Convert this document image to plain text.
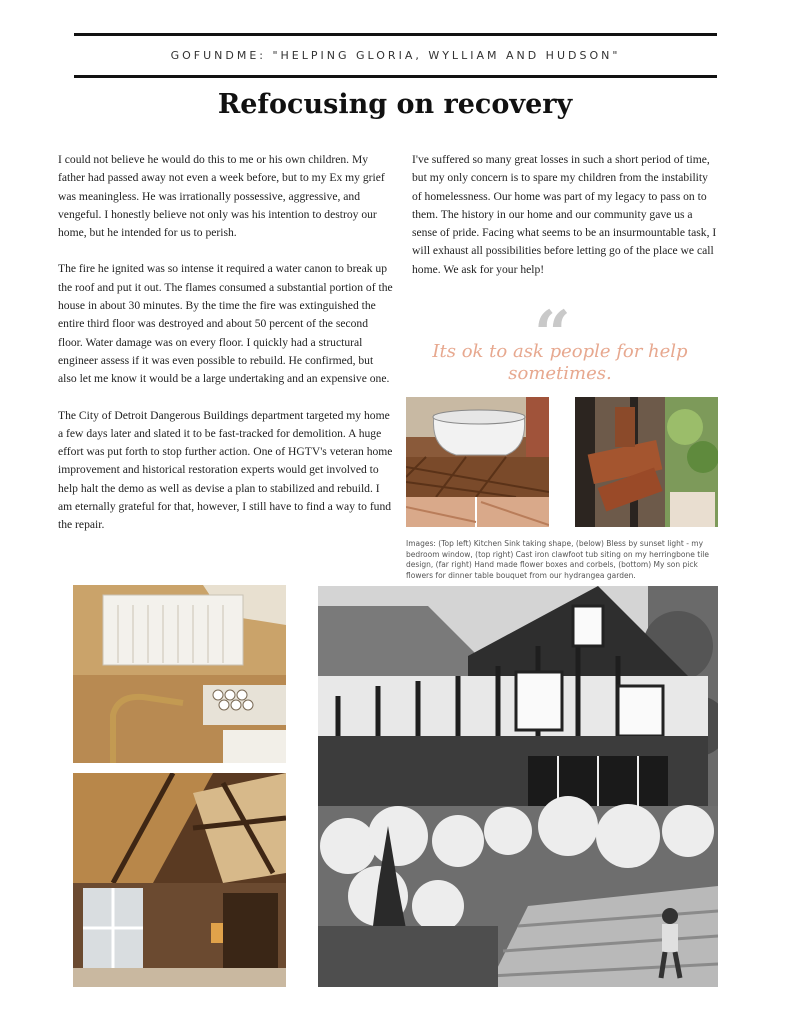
GOFUNDME: "HELPING GLORIA, WYLLIAM AND HUDSON"
Refocusing on recovery

I could not believe he would do this to me or his own children. My father had passed away not even a week before, but to my Ex my grief was meaningless. He was irrationally possessive, aggressive, and vengeful. I honestly believe not only was his intention to destroy our home, but he intended for us to perish.

The fire he ignited was so intense it required a water canon to break up the roof and put it out. The flames consumed a substantial portion of the house in about 30 minutes. By the time the fire was extinguished the entire third floor was destroyed and about 50 percent of the second floor. Water damage was on every floor. I quickly had a structural engineer assess if it was even possible to rebuild. He confirmed, but also let me know it would be a large undertaking and an expensive one.

The City of Detroit Dangerous Buildings department targeted my home a few days later and slated it to be fast-tracked for demolition. A huge effort was put forth to stop further action. One of HGTV's veteran home improvement and historical restoration experts would get involved to help halt the demo as well as devise a plan to stabilized and rebuild. I am eternally grateful for that, however, I still have to find a way to fund the repair.

I've suffered so many great losses in such a short period of time, but my only concern is to spare my children from the instability of homelessness. Our home was part of my legacy to pass on to them. The history in our home and our community gave us a sense of pride. Facing what seems to be an insurmountable task, I will exhaust all possibilities before letting go of the place we call home. We ask for your help!

“
Its ok to ask people for help sometimes.
Images: (Top left) Kitchen Sink taking shape, (below) Bless by sunset light - my bedroom window, (top right) Cast iron clawfoot tub siting on my herringbone tile design, (far right) Hand made flower boxes and corbels, (bottom) My son pick flowers for dinner table bouquet from our hydrangea garden.
